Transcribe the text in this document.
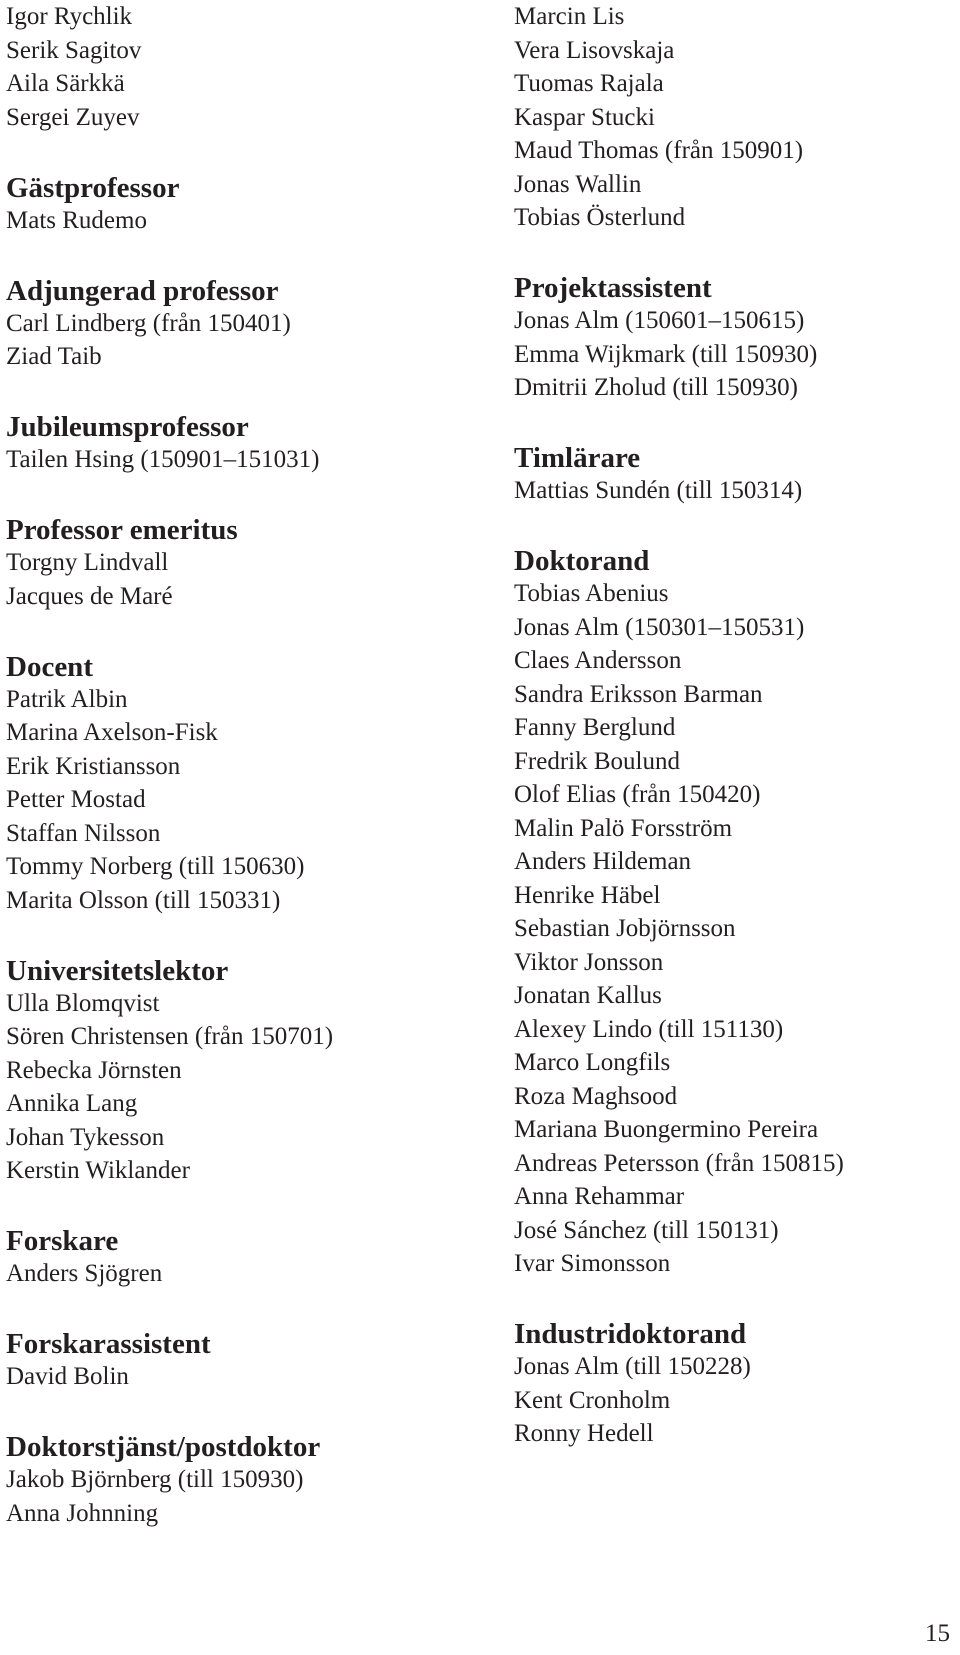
Igor Rychlik
Serik Sagitov
Aila Särkkä
Sergei Zuyev
Gästprofessor
Mats Rudemo
Adjungerad professor
Carl Lindberg (från 150401)
Ziad Taib
Jubileumsprofessor
Tailen Hsing (150901–151031)
Professor emeritus
Torgny Lindvall
Jacques de Maré
Docent
Patrik Albin
Marina Axelson-Fisk
Erik Kristiansson
Petter Mostad
Staffan Nilsson
Tommy Norberg (till 150630)
Marita Olsson (till 150331)
Universitetslektor
Ulla Blomqvist
Sören Christensen (från 150701)
Rebecka Jörnsten
Annika Lang
Johan Tykesson
Kerstin Wiklander
Forskare
Anders Sjögren
Forskarassistent
David Bolin
Doktorstjänst/postdoktor
Jakob Björnberg (till 150930)
Anna Johnning
Marcin Lis
Vera Lisovskaja
Tuomas Rajala
Kaspar Stucki
Maud Thomas (från 150901)
Jonas Wallin
Tobias Österlund
Projektassistent
Jonas Alm (150601–150615)
Emma Wijkmark (till 150930)
Dmitrii Zholud (till 150930)
Timlärare
Mattias Sundén (till 150314)
Doktorand
Tobias Abenius
Jonas Alm (150301–150531)
Claes Andersson
Sandra Eriksson Barman
Fanny Berglund
Fredrik Boulund
Olof Elias (från 150420)
Malin Palö Forsström
Anders Hildeman
Henrike Häbel
Sebastian Jobjörnsson
Viktor Jonsson
Jonatan Kallus
Alexey Lindo (till 151130)
Marco Longfils
Roza Maghsood
Mariana Buongermino Pereira
Andreas Petersson (från 150815)
Anna Rehammar
José Sánchez (till 150131)
Ivar Simonsson
Industridoktorand
Jonas Alm (till 150228)
Kent Cronholm
Ronny Hedell
15
